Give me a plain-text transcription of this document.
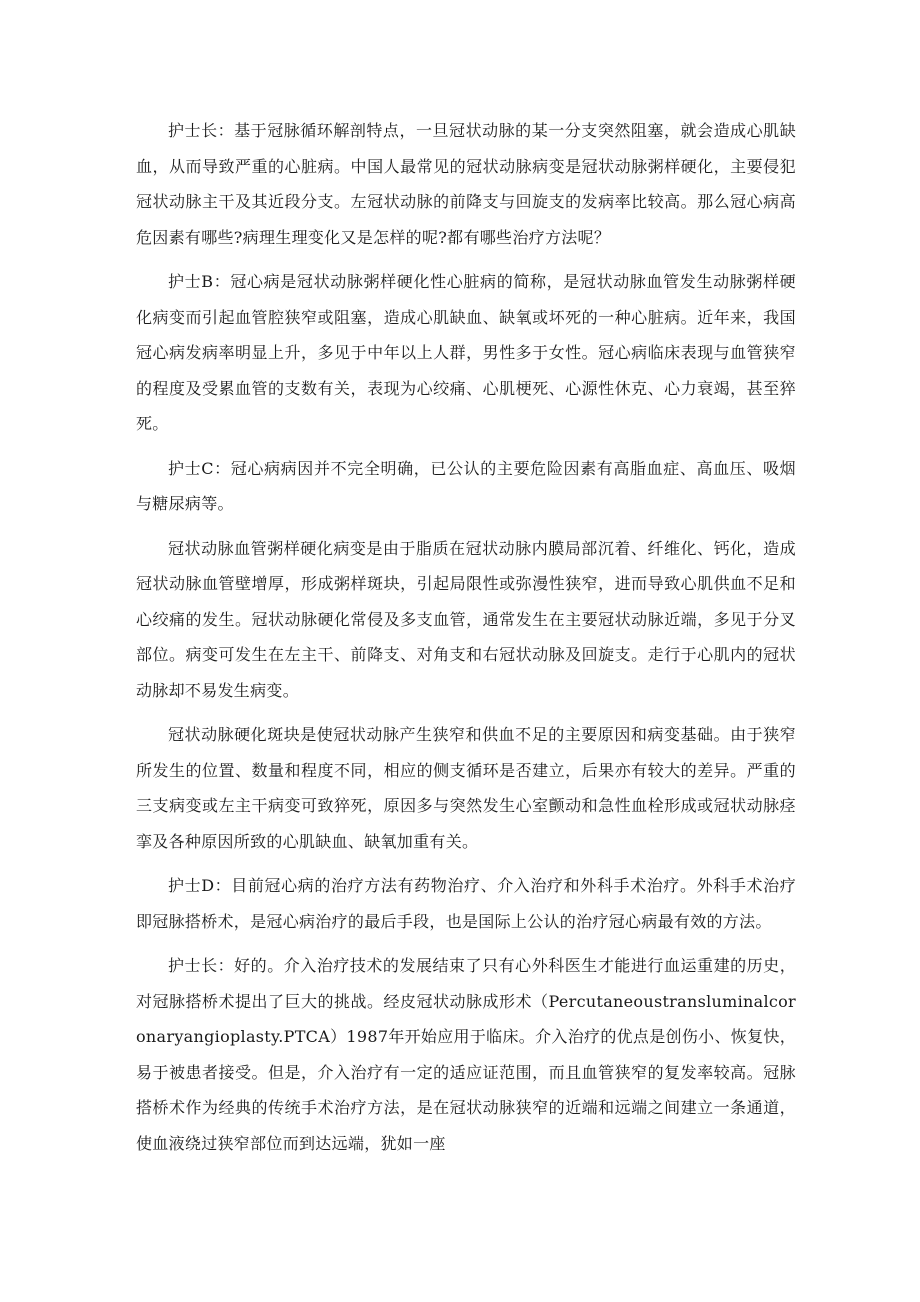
护士长：基于冠脉循环解剖特点，一旦冠状动脉的某一分支突然阻塞，就会造成心肌缺血，从而导致严重的心脏病。中国人最常见的冠状动脉病变是冠状动脉粥样硬化，主要侵犯冠状动脉主干及其近段分支。左冠状动脉的前降支与回旋支的发病率比较高。那么冠心病高危因素有哪些?病理生理变化又是怎样的呢?都有哪些治疗方法呢？

护士B：冠心病是冠状动脉粥样硬化性心脏病的简称，是冠状动脉血管发生动脉粥样硬化病变而引起血管腔狭窄或阻塞，造成心肌缺血、缺氧或坏死的一种心脏病。近年来，我国冠心病发病率明显上升，多见于中年以上人群，男性多于女性。冠心病临床表现与血管狭窄的程度及受累血管的支数有关，表现为心绞痛、心肌梗死、心源性休克、心力衰竭，甚至猝死。

护士C：冠心病病因并不完全明确，已公认的主要危险因素有高脂血症、高血压、吸烟与糖尿病等。

冠状动脉血管粥样硬化病变是由于脂质在冠状动脉内膜局部沉着、纤维化、钙化，造成冠状动脉血管壁增厚，形成粥样斑块，引起局限性或弥漫性狭窄，进而导致心肌供血不足和心绞痛的发生。冠状动脉硬化常侵及多支血管，通常发生在主要冠状动脉近端，多见于分叉部位。病变可发生在左主干、前降支、对角支和右冠状动脉及回旋支。走行于心肌内的冠状动脉却不易发生病变。

冠状动脉硬化斑块是使冠状动脉产生狭窄和供血不足的主要原因和病变基础。由于狭窄所发生的位置、数量和程度不同，相应的侧支循环是否建立，后果亦有较大的差异。严重的三支病变或左主干病变可致猝死，原因多与突然发生心室颤动和急性血栓形成或冠状动脉痉挛及各种原因所致的心肌缺血、缺氧加重有关。

护士D：目前冠心病的治疗方法有药物治疗、介入治疗和外科手术治疗。外科手术治疗即冠脉搭桥术，是冠心病治疗的最后手段，也是国际上公认的治疗冠心病最有效的方法。

护士长：好的。介入治疗技术的发展结束了只有心外科医生才能进行血运重建的历史，对冠脉搭桥术提出了巨大的挑战。经皮冠状动脉成形术（Percutaneoustransluminalcoronaryangioplasty.PTCA）1987年开始应用于临床。介入治疗的优点是创伤小、恢复快，易于被患者接受。但是，介入治疗有一定的适应证范围，而且血管狭窄的复发率较高。冠脉搭桥术作为经典的传统手术治疗方法，是在冠状动脉狭窄的近端和远端之间建立一条通道，使血液绕过狭窄部位而到达远端，犹如一座
